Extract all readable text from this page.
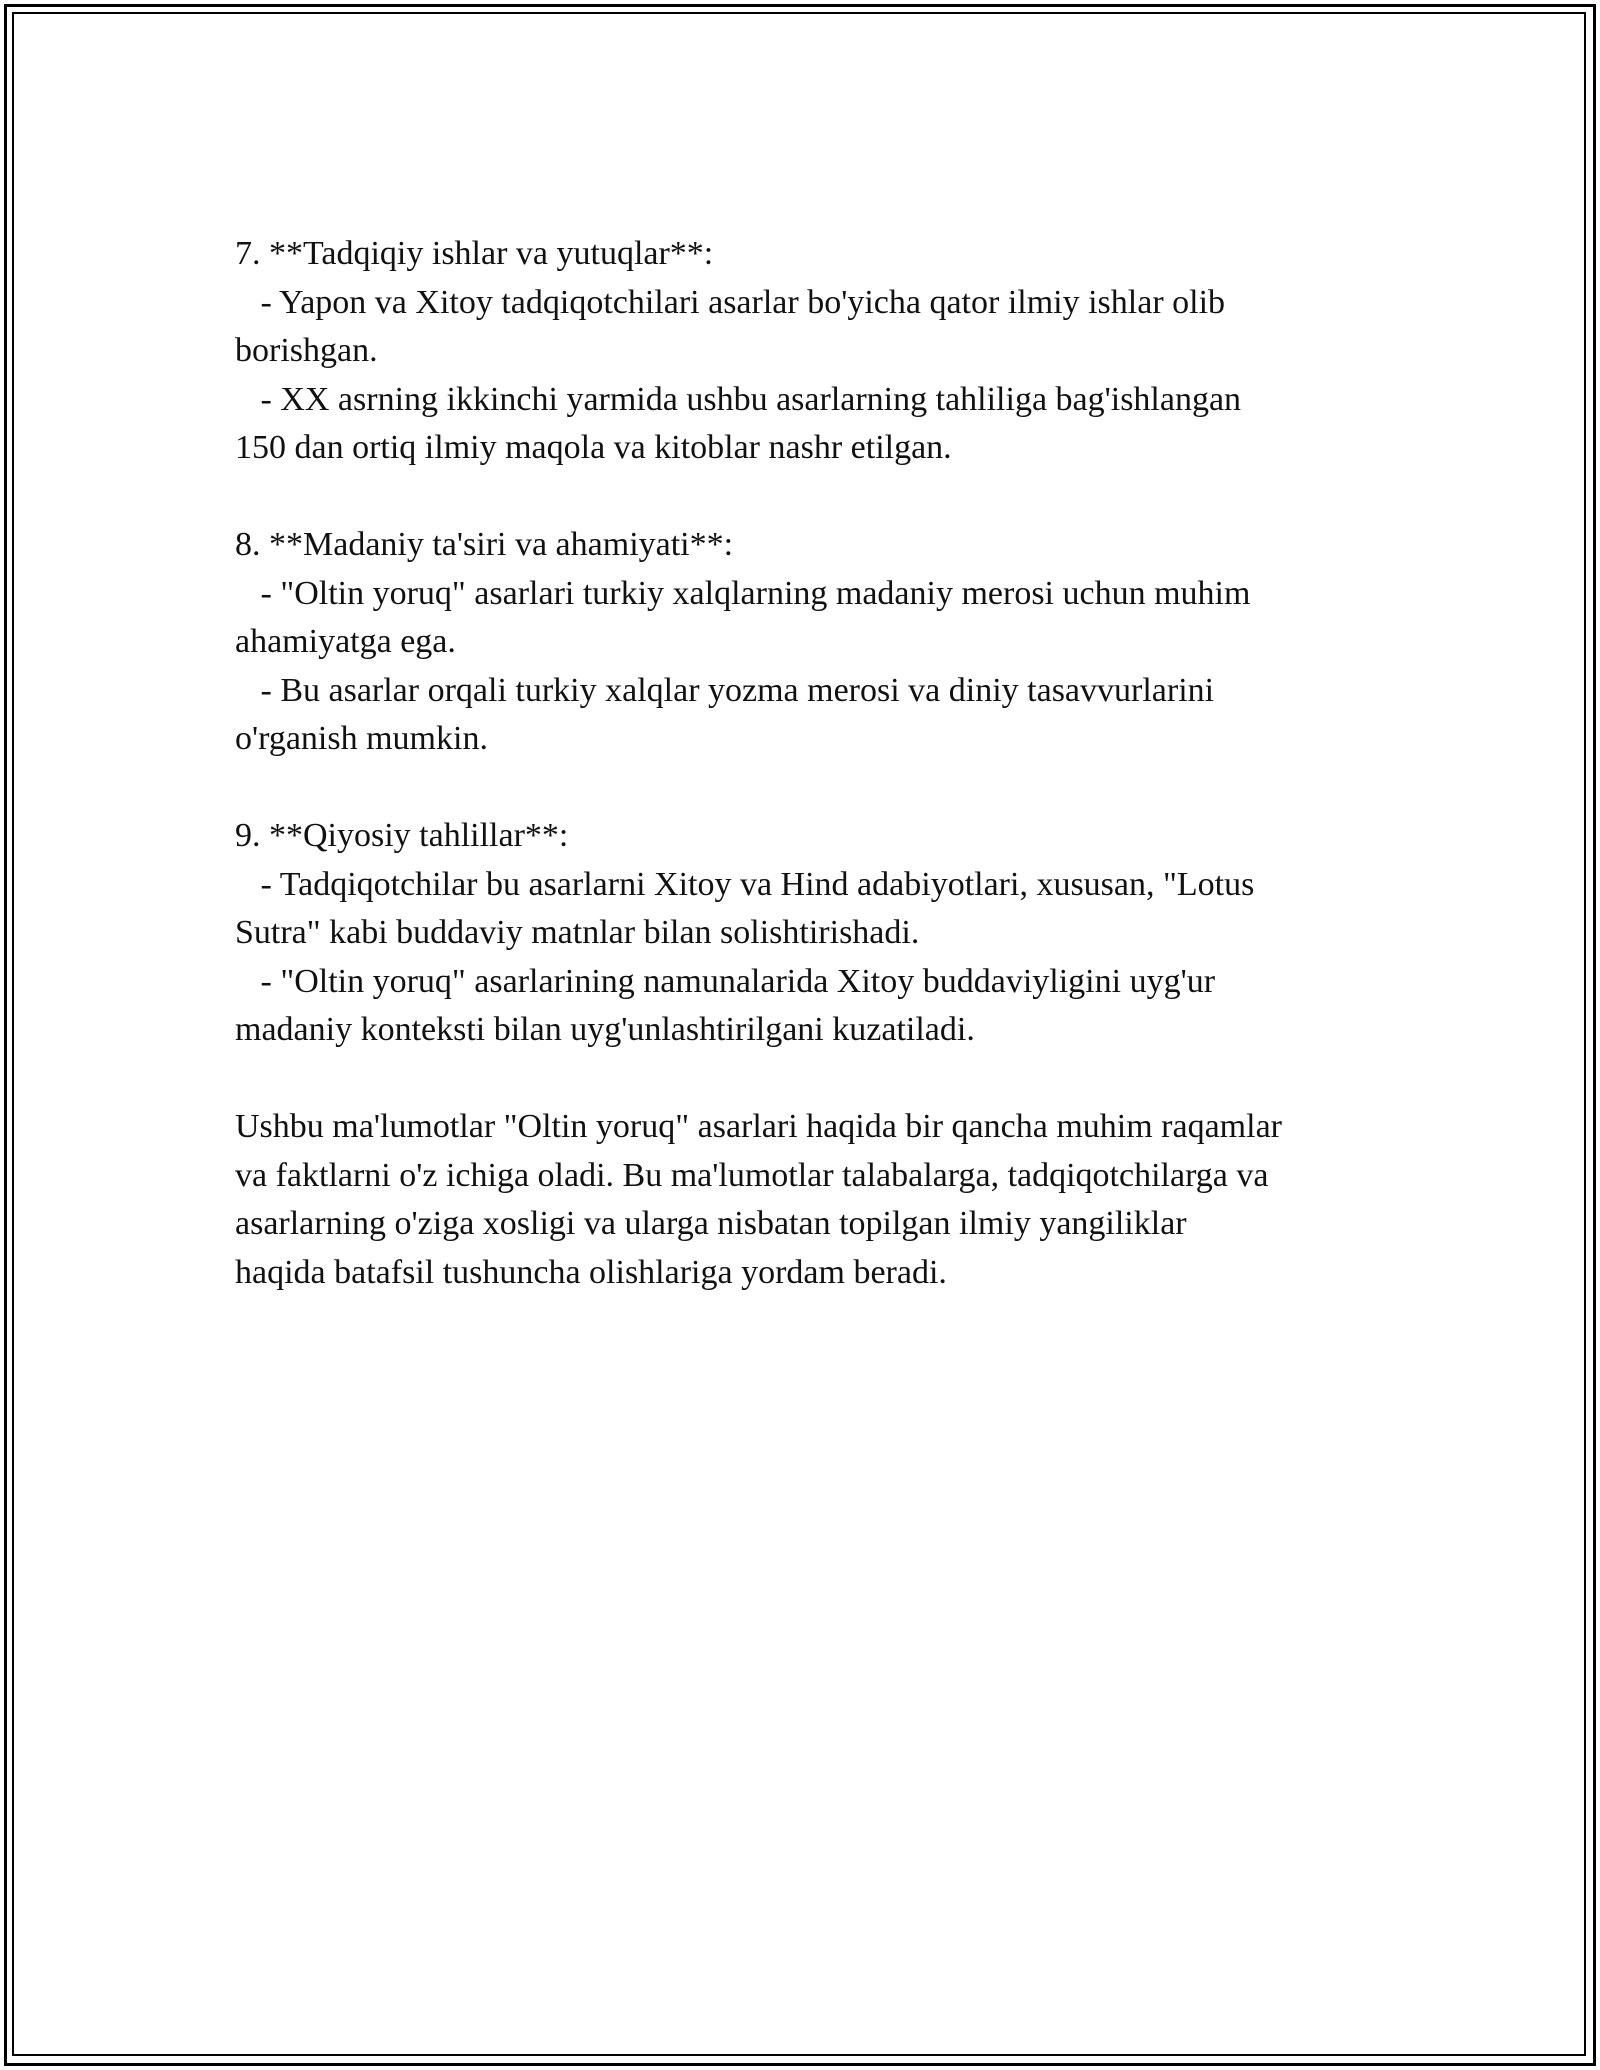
7. **Tadqiqiy ishlar va yutuqlar**:
- Yapon va Xitoy tadqiqotchilari asarlar bo'yicha qator ilmiy ishlar olib
borishgan.
- XX asrning ikkinchi yarmida ushbu asarlarning tahliliga bag'ishlangan
150 dan ortiq ilmiy maqola va kitoblar nashr etilgan.
8. **Madaniy ta'siri va ahamiyati**:
- "Oltin yoruq" asarlari turkiy xalqlarning madaniy merosi uchun muhim
ahamiyatga ega.
- Bu asarlar orqali turkiy xalqlar yozma merosi va diniy tasavvurlarini
o'rganish mumkin.
9. **Qiyosiy tahlillar**:
- Tadqiqotchilar bu asarlarni Xitoy va Hind adabiyotlari, xususan, "Lotus
Sutra" kabi buddaviy matnlar bilan solishtirishadi.
- "Oltin yoruq" asarlarining namunalarida Xitoy buddaviyligini uyg'ur
madaniy konteksti bilan uyg'unlashtirilgani kuzatiladi.
Ushbu ma'lumotlar "Oltin yoruq" asarlari haqida bir qancha muhim raqamlar
va faktlarni o'z ichiga oladi. Bu ma'lumotlar talabalarga, tadqiqotchilarga va
asarlarning o'ziga xosligi va ularga nisbatan topilgan ilmiy yangiliklar
haqida batafsil tushuncha olishlariga yordam beradi.
